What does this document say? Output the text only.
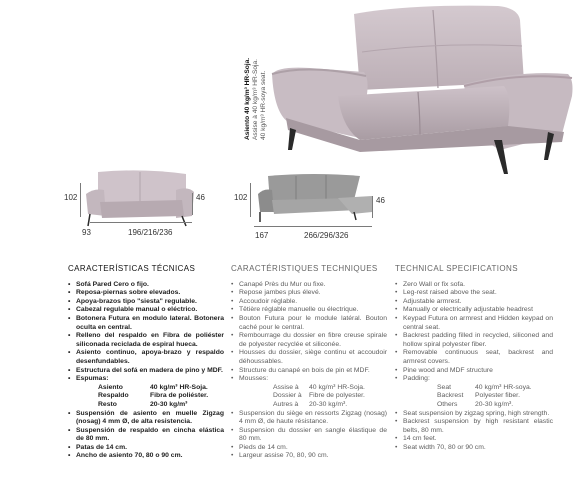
Asiento 40 kg/m³ HR-Soja. Assise à 40 kg/m³ HR-Soja. 40 kg/m³ HR-soya seat.
102	46
93	196/216/236
102	46
167	266/296/326
CARACTERÍSTICAS TÉCNICAS
• Sofá Pared Cero o fijo.
• Reposa-piernas sobre elevados.
• Apoya-brazos tipo "siesta" regulable.
• Cabezal regulable manual o eléctrico.
• Botonera Futura en modulo lateral. Botonera oculta en central.
• Relleno del respaldo en Fibra de poliéster siliconada reciclada de espiral hueca.
• Asiento continuo, apoya-brazo y respaldo desenfundables.
• Estructura del sofá en madera de pino y MDF.
• Espumas:
Asiento	40 kg/m³ HR-Soja.
Respaldo	Fibra de poliéster.
Resto	20-30 kg/m³
• Suspensión de asiento en muelle Zigzag (nosag) 4 mm Ø, de alta resistencia.
• Suspensión de respaldo en cincha elástica de 80 mm.
• Patas de 14 cm.
• Ancho de asiento 70, 80 o 90 cm.
CARACTÉRISTIQUES TECHNIQUES
• Canapé Près du Mur ou fixe.
• Repose jambes plus élevé.
• Accoudoir réglable.
• Têtière réglable manuelle ou électrique.
• Bouton Futura pour le module latéral. Bouton caché pour le central.
• Rembourrage du dossier en fibre creuse spirale de polyester recyclée et siliconée.
• Housses du dossier, siège continu et accoudoir déhoussables.
• Structure du canapé en bois de pin et MDF.
• Mousses:
Assise à	40 kg/m³ HR-Soja.
Dossier à	Fibre de polyester.
Autres à	20-30 kg/m³.
• Suspension du siège en ressorts Zigzag (nosag) 4 mm Ø, de haute résistance.
• Suspension du dossier en sangle élastique de 80 mm.
• Pieds de 14 cm.
• Largeur assise 70, 80, 90 cm.
TECHNICAL SPECIFICATIONS
• Zero Wall or fix sofa.
• Leg-rest raised above the seat.
• Adjustable armrest.
• Manually or electrically adjustable headrest
• Keypad Futura on armrest and Hidden keypad on central seat.
• Backrest padding filled in recycled, siliconed and hollow spiral polyester fiber.
• Removable continuous seat, backrest and armrest covers.
• Pine wood and MDF structure
• Padding:
Seat	40 kg/m³ HR-soya.
Backrest	Polyester fiber.
Others	20-30 kg/m³.
• Seat suspension by zigzag spring, high strength.
• Backrest suspension by high resistant elastic belts, 80 mm.
• 14 cm feet.
• Seat width 70, 80 or 90 cm.
